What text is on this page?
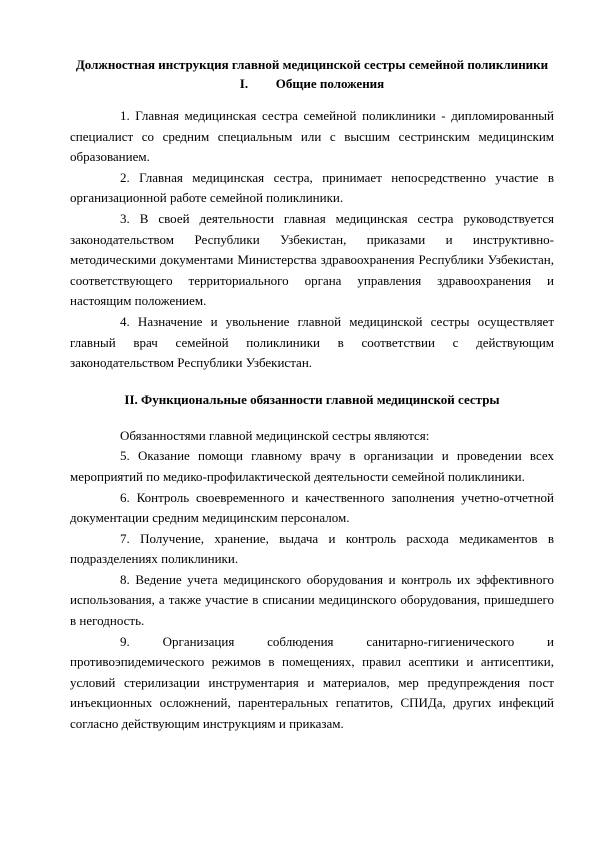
Должностная инструкция главной медицинской сестры семейной поликлиники
I. Общие положения

1. Главная медицинская сестра семейной поликлиники - дипломированный специалист со средним специальным или с высшим сестринским медицинским образованием.

2. Главная медицинская сестра, принимает непосредственно участие в организационной работе семейной поликлиники.

3. В своей деятельности главная медицинская сестра руководствуется законодательством Республики Узбекистан, приказами и инструктивно-методическими документами Министерства здравоохранения Республики Узбекистан, соответствующего территориального органа управления здравоохранения и настоящим положением.

4. Назначение и увольнение главной медицинской сестры осуществляет главный врач семейной поликлиники в соответствии с действующим законодательством Республики Узбекистан.

II. Функциональные обязанности главной медицинской сестры

Обязанностями главной медицинской сестры являются:

5. Оказание помощи главному врачу в организации и проведении всех мероприятий по медико-профилактической деятельности семейной поликлиники.

6. Контроль своевременного и качественного заполнения учетно-отчетной документации средним медицинским персоналом.

7. Получение, хранение, выдача и контроль расхода медикаментов в подразделениях поликлиники.

8. Ведение учета медицинского оборудования и контроль их эффективного использования, а также участие в списании медицинского оборудования, пришедшего в негодность.

9. Организация соблюдения санитарно-гигиенического и противоэпидемического режимов в помещениях, правил асептики и антисептики, условий стерилизации инструментария и материалов, мер предупреждения пост инъекционных осложнений, парентеральных гепатитов, СПИДа, других инфекций согласно действующим инструкциям и приказам.
